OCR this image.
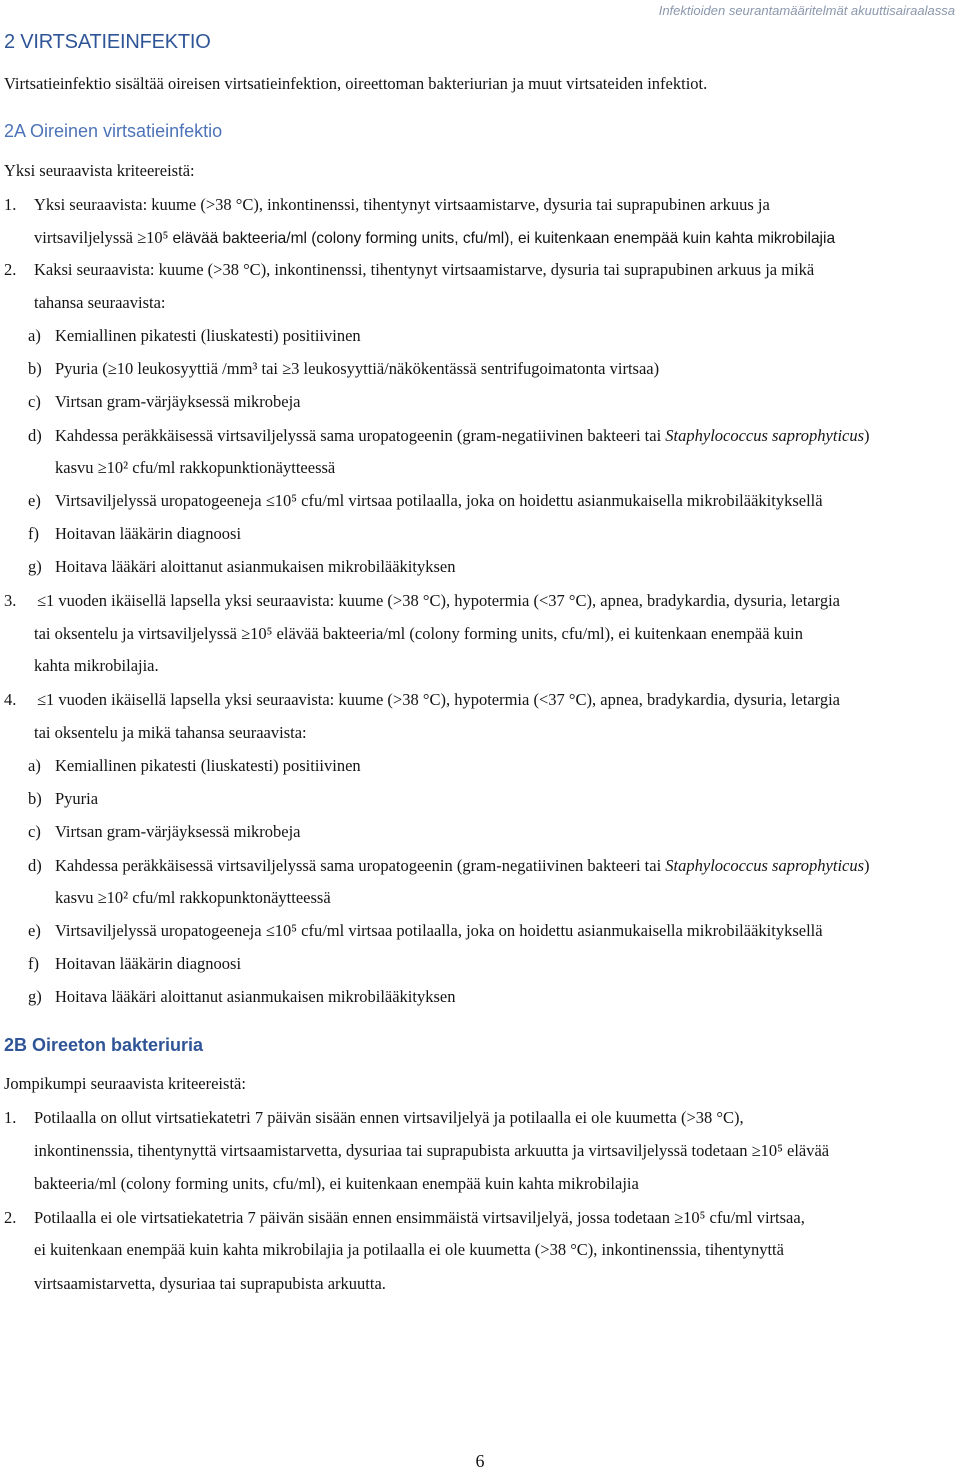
Infektioiden seurantamääritelmät akuuttisairaalassa
2 VIRTSATIEINFEKTIO
Virtsatieinfektio sisältää oireisen virtsatieinfektion, oireettoman bakteriurian ja muut virtsateiden infektiot.
2A Oireinen virtsatieinfektio
Yksi seuraavista kriteereistä:
1. Yksi seuraavista: kuume (>38 °C), inkontinenssi, tihentynyt virtsaamistarve, dysuria tai suprapubinen arkuus ja
virtsaviljelyssä ≥10⁵ elävää bakteeria/ml (colony forming units, cfu/ml), ei kuitenkaan enempää kuin kahta mikrobilajia
2. Kaksi seuraavista: kuume (>38 °C), inkontinenssi, tihentynyt virtsaamistarve, dysuria tai suprapubinen arkuus ja mikä
tahansa seuraavista:
a) Kemiallinen pikatesti (liuskatesti) positiivinen
b) Pyuria (≥10 leukosyyttiä /mm³ tai ≥3 leukosyyttiä/näkökentässä sentrifugoimatonta virtsaa)
c) Virtsan gram-värjäyksessä mikrobeja
d) Kahdessa peräkkäisessä virtsaviljelyssä sama uropatogeenin (gram-negatiivinen bakteeri tai Staphylococcus saprophyticus)
kasvu ≥10² cfu/ml rakkopunktionäytteessä
e) Virtsaviljelyssä uropatogeeneja ≤10⁵ cfu/ml virtsaa potilaalla, joka on hoidettu asianmukaisella mikrobilääkityksellä
f) Hoitavan lääkärin diagnoosi
g) Hoitava lääkäri aloittanut asianmukaisen mikrobilääkityksen
3. ≤1 vuoden ikäisellä lapsella yksi seuraavista: kuume (>38 °C), hypotermia (<37 °C), apnea, bradykardia, dysuria, letargia
tai oksentelu ja virtsaviljelyssä ≥10⁵ elävää bakteeria/ml (colony forming units, cfu/ml), ei kuitenkaan enempää kuin
kahta mikrobilajia.
4. ≤1 vuoden ikäisellä lapsella yksi seuraavista: kuume (>38 °C), hypotermia (<37 °C), apnea, bradykardia, dysuria, letargia
tai oksentelu ja mikä tahansa seuraavista:
a) Kemiallinen pikatesti (liuskatesti) positiivinen
b) Pyuria
c) Virtsan gram-värjäyksessä mikrobeja
d) Kahdessa peräkkäisessä virtsaviljelyssä sama uropatogeenin (gram-negatiivinen bakteeri tai Staphylococcus saprophyticus)
kasvu ≥10² cfu/ml rakkopunktonäytteessä
e) Virtsaviljelyssä uropatogeeneja ≤10⁵ cfu/ml virtsaa potilaalla, joka on hoidettu asianmukaisella mikrobilääkityksellä
f) Hoitavan lääkärin diagnoosi
g) Hoitava lääkäri aloittanut asianmukaisen mikrobilääkityksen
2B Oireeton bakteriuria
Jompikumpi seuraavista kriteereistä:
1. Potilaalla on ollut virtsatiekatetri 7 päivän sisään ennen virtsaviljelyä ja potilaalla ei ole kuumetta (>38 °C),
inkontinenssia, tihentynyttä virtsaamistarvetta, dysuriaa tai suprapubista arkuutta ja virtsaviljelyssä todetaan ≥10⁵ elävää
bakteeria/ml (colony forming units, cfu/ml), ei kuitenkaan enempää kuin kahta mikrobilajia
2. Potilaalla ei ole virtsatiekatetria 7 päivän sisään ennen ensimmäistä virtsaviljelyä, jossa todetaan ≥10⁵ cfu/ml virtsaa,
ei kuitenkaan enempää kuin kahta mikrobilajia ja potilaalla ei ole kuumetta (>38 °C), inkontinenssia, tihentynyttä
virtsaamistarvetta, dysuriaa tai suprapubista arkuutta.
6
